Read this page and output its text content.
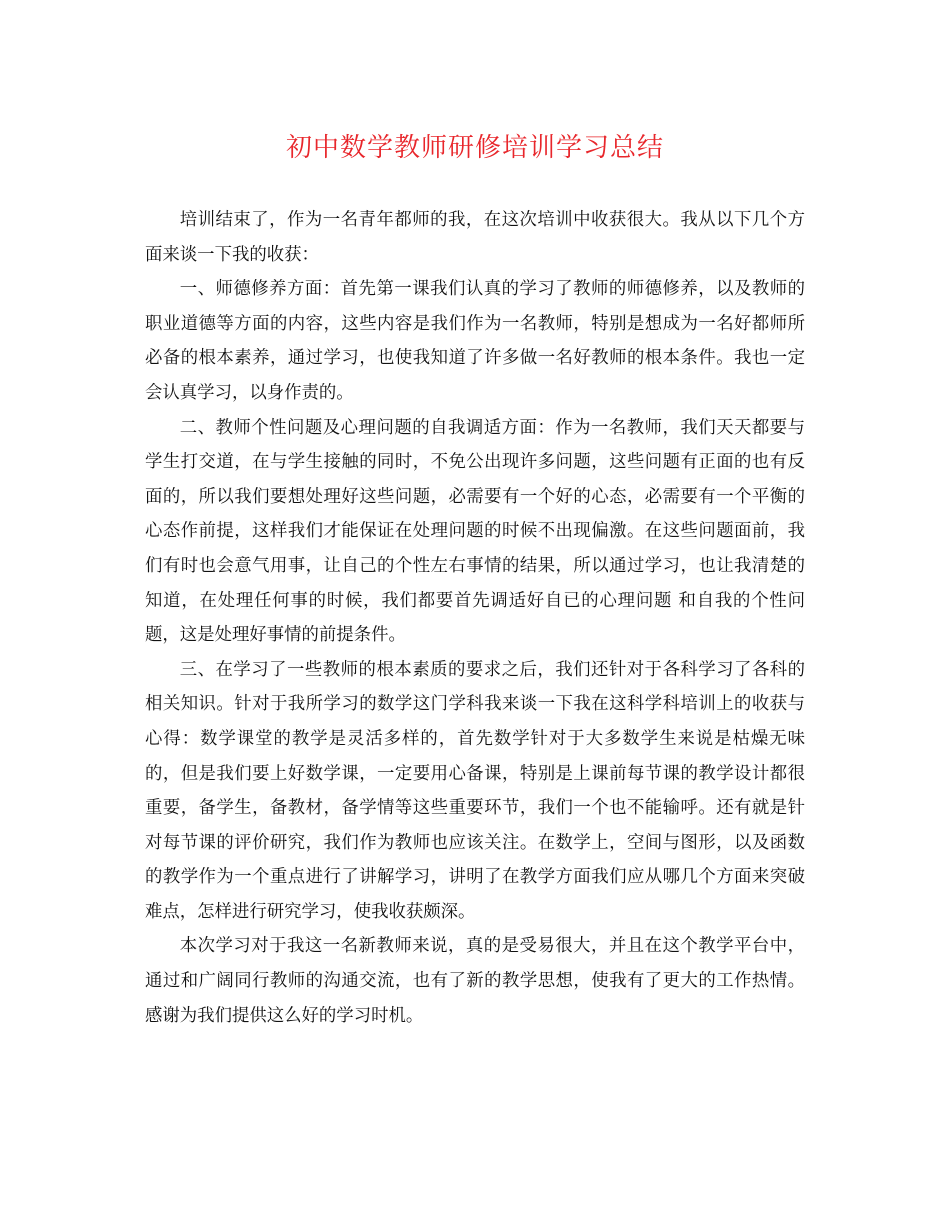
初中数学教师研修培训学习总结

培训结束了，作为一名青年都师的我，在这次培训中收获很大。我从以下几个方面来谈一下我的收获：

一、师德修养方面：首先第一课我们认真的学习了教师的师德修养，以及教师的职业道德等方面的内容，这些内容是我们作为一名教师，特别是想成为一名好都师所必备的根本素养，通过学习，也使我知道了许多做一名好教师的根本条件。我也一定会认真学习，以身作责的。

二、教师个性问题及心理问题的自我调适方面：作为一名教师，我们天天都要与学生打交道，在与学生接触的同时，不免公出现许多问题，这些问题有正面的也有反面的，所以我们要想处理好这些问题，必需要有一个好的心态，必需要有一个平衡的心态作前提，这样我们才能保证在处理问题的时候不出现偏激。在这些问题面前，我们有时也会意气用事，让自己的个性左右事情的结果，所以通过学习，也让我清楚的知道，在处理任何事的时候，我们都要首先调适好自已的心理问题 和自我的个性问题，这是处理好事情的前提条件。

三、在学习了一些教师的根本素质的要求之后，我们还针对于各科学习了各科的相关知识。针对于我所学习的数学这门学科我来谈一下我在这科学科培训上的收获与心得：数学课堂的教学是灵活多样的，首先数学针对于大多数学生来说是枯燥无味的，但是我们要上好数学课，一定要用心备课，特别是上课前每节课的教学设计都很重要，备学生，备教材，备学情等这些重要环节，我们一个也不能输呼。还有就是针对每节课的评价研究，我们作为教师也应该关注。在数学上，空间与图形，以及函数的教学作为一个重点进行了讲解学习，讲明了在教学方面我们应从哪几个方面来突破难点，怎样进行研究学习，使我收获颇深。

本次学习对于我这一名新教师来说，真的是受易很大，并且在这个教学平台中，通过和广阔同行教师的沟通交流，也有了新的教学思想，使我有了更大的工作热情。感谢为我们提供这么好的学习时机。
